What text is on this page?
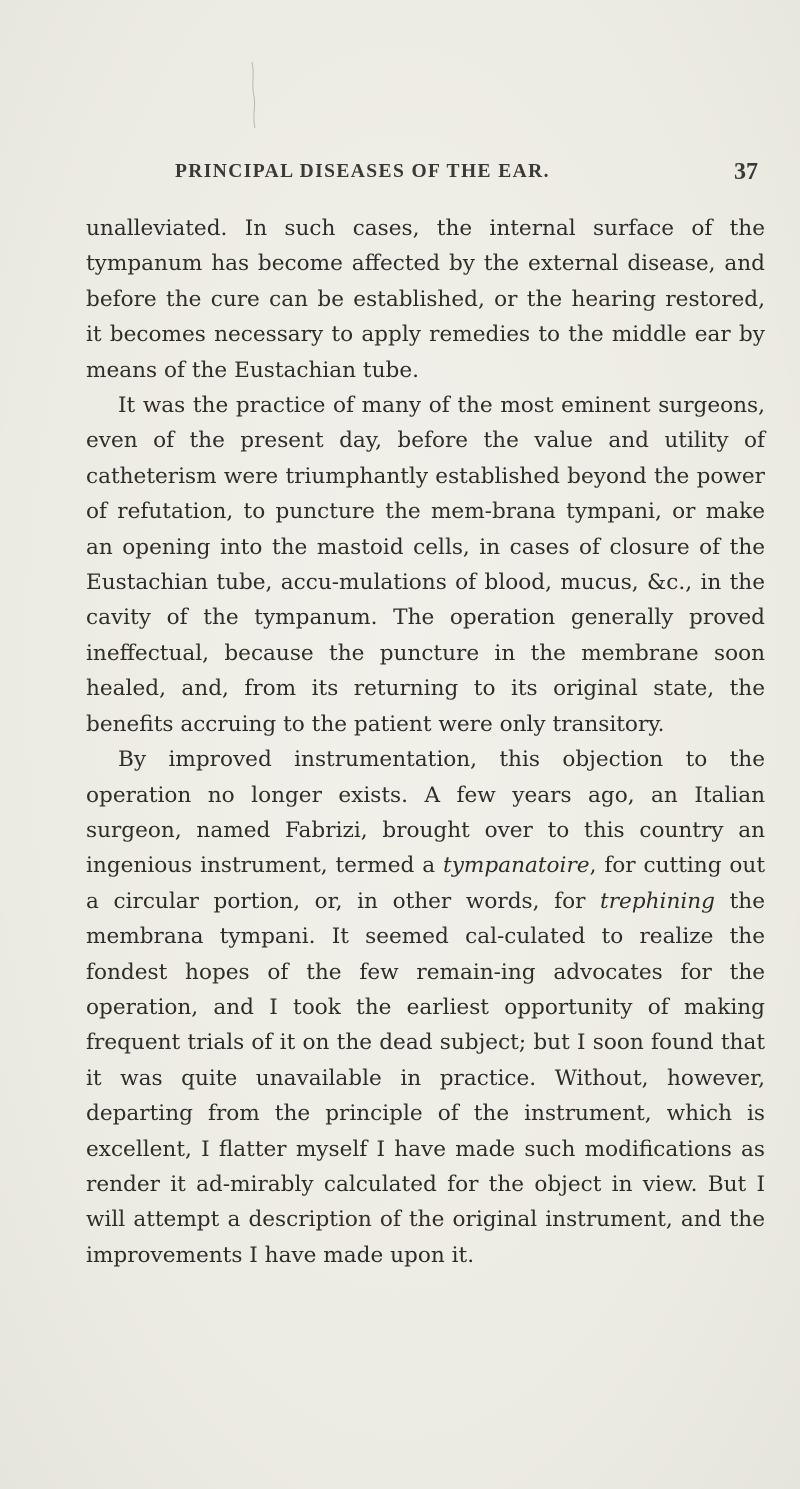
PRINCIPAL DISEASES OF THE EAR.	37

unalleviated. In such cases, the internal surface of the tympanum has become affected by the external disease, and before the cure can be established, or the hearing restored, it becomes necessary to apply remedies to the middle ear by means of the Eustachian tube.

It was the practice of many of the most eminent surgeons, even of the present day, before the value and utility of catheterism were triumphantly established beyond the power of refutation, to puncture the mem-brana tympani, or make an opening into the mastoid cells, in cases of closure of the Eustachian tube, accu-mulations of blood, mucus, &c., in the cavity of the tympanum. The operation generally proved ineffectual, because the puncture in the membrane soon healed, and, from its returning to its original state, the benefits accruing to the patient were only transitory.

By improved instrumentation, this objection to the operation no longer exists. A few years ago, an Italian surgeon, named Fabrizi, brought over to this country an ingenious instrument, termed a tympanatoire, for cutting out a circular portion, or, in other words, for trephining the membrana tympani. It seemed cal-culated to realize the fondest hopes of the few remain-ing advocates for the operation, and I took the earliest opportunity of making frequent trials of it on the dead subject; but I soon found that it was quite unavailable in practice. Without, however, departing from the principle of the instrument, which is excellent, I flatter myself I have made such modifications as render it ad-mirably calculated for the object in view. But I will attempt a description of the original instrument, and the improvements I have made upon it.
